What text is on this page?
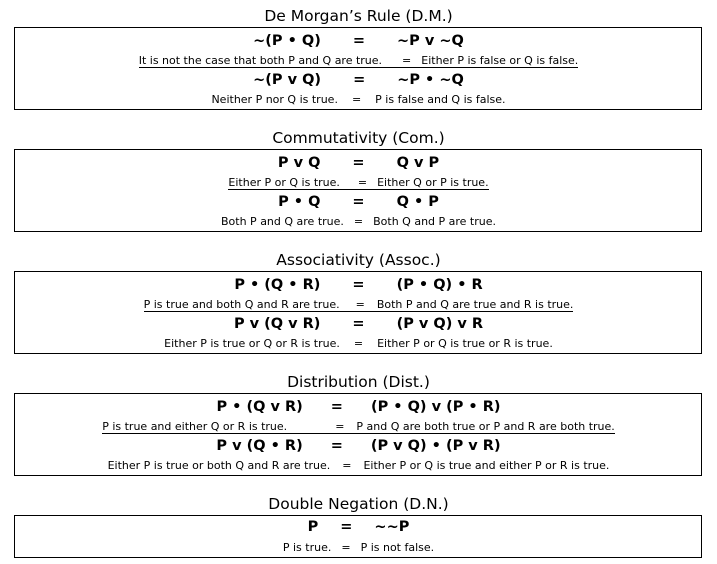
De Morgan’s Rule (D.M.)
~(P • Q) = ~P v ~Q
It is not the case that both P and Q are true. = Either P is false or Q is false.
~(P v Q) = ~P • ~Q
Neither P nor Q is true. = P is false and Q is false.
Commutativity (Com.)
P v Q = Q v P
Either P or Q is true. = Either Q or P is true.
P • Q = Q • P
Both P and Q are true. = Both Q and P are true.
Associativity (Assoc.)
P • (Q • R) = (P • Q) • R
P is true and both Q and R are true. = Both P and Q are true and R is true.
P v (Q v R) = (P v Q) v R
Either P is true or Q or R is true. = Either P or Q is true or R is true.
Distribution (Dist.)
P • (Q v R) = (P • Q) v (P • R)
P is true and either Q or R is true.	= P and Q are both true or P and R are both true.
P v (Q • R) = (P v Q) • (P v R)
Either P is true or both Q and R are true. = Either P or Q is true and either P or R is true.
Double Negation (D.N.)
P = ~~P
P is true. = P is not false.
